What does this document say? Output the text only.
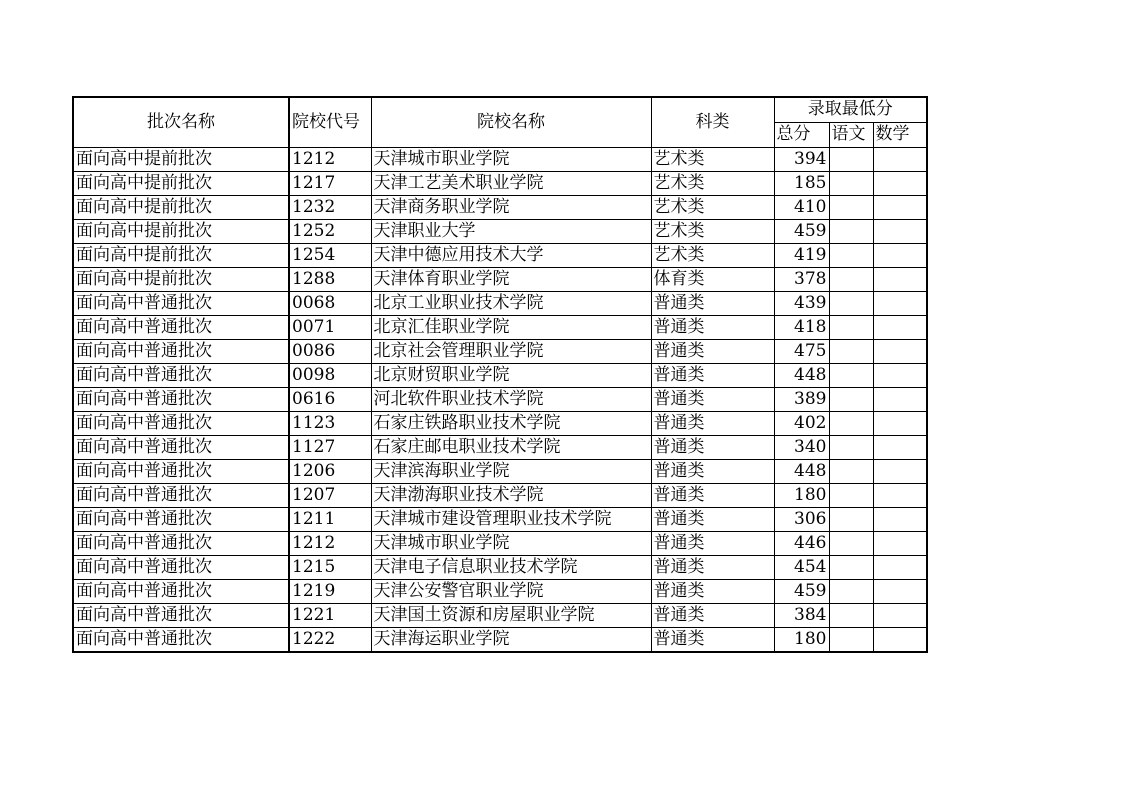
批次名称	院校代号	院校名称	科类	录取最低分		
				总分	语文	数学
面向高中提前批次	1212	天津城市职业学院	艺术类	394		
面向高中提前批次	1217	天津工艺美术职业学院	艺术类	185		
面向高中提前批次	1232	天津商务职业学院	艺术类	410		
面向高中提前批次	1252	天津职业大学	艺术类	459		
面向高中提前批次	1254	天津中德应用技术大学	艺术类	419		
面向高中提前批次	1288	天津体育职业学院	体育类	378		
面向高中普通批次	0068	北京工业职业技术学院	普通类	439		
面向高中普通批次	0071	北京汇佳职业学院	普通类	418		
面向高中普通批次	0086	北京社会管理职业学院	普通类	475		
面向高中普通批次	0098	北京财贸职业学院	普通类	448		
面向高中普通批次	0616	河北软件职业技术学院	普通类	389		
面向高中普通批次	1123	石家庄铁路职业技术学院	普通类	402		
面向高中普通批次	1127	石家庄邮电职业技术学院	普通类	340		
面向高中普通批次	1206	天津滨海职业学院	普通类	448		
面向高中普通批次	1207	天津渤海职业技术学院	普通类	180		
面向高中普通批次	1211	天津城市建设管理职业技术学院	普通类	306		
面向高中普通批次	1212	天津城市职业学院	普通类	446		
面向高中普通批次	1215	天津电子信息职业技术学院	普通类	454		
面向高中普通批次	1219	天津公安警官职业学院	普通类	459		
面向高中普通批次	1221	天津国土资源和房屋职业学院	普通类	384		
面向高中普通批次	1222	天津海运职业学院	普通类	180		
